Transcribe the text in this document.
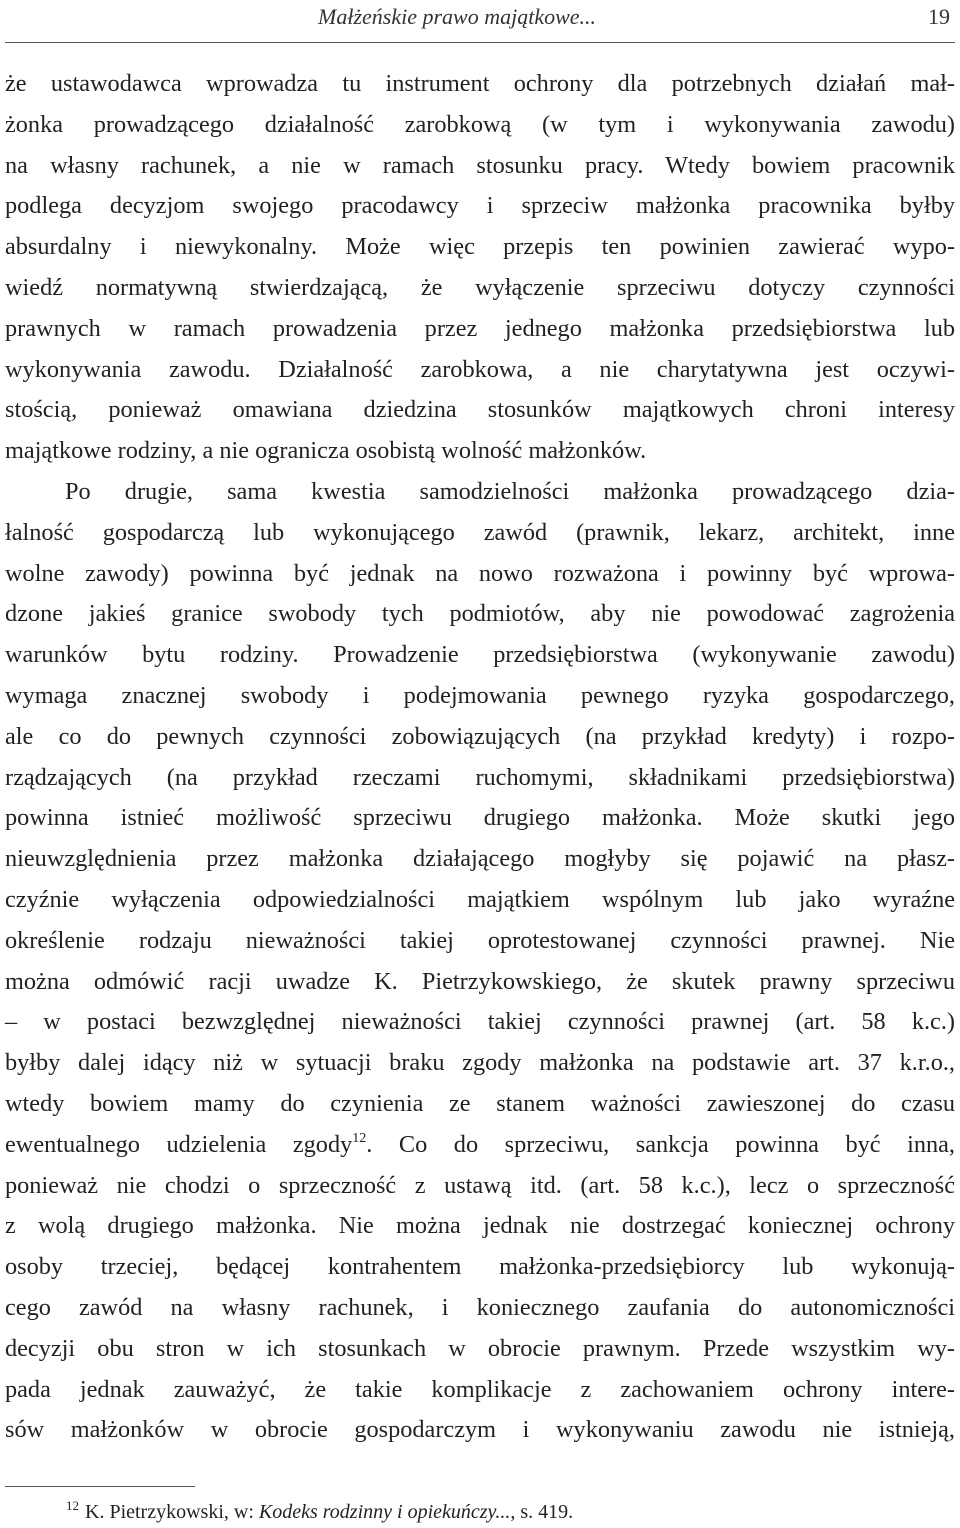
Małżeńskie prawo majątkowe...	19
że ustawodawca wprowadza tu instrument ochrony dla potrzebnych działań mał-
żonka prowadzącego działalność zarobkową (w tym i wykonywania zawodu)
na własny rachunek, a nie w ramach stosunku pracy. Wtedy bowiem pracownik
podlega decyzjom swojego pracodawcy i sprzeciw małżonka pracownika byłby
absurdalny i niewykonalny. Może więc przepis ten powinien zawierać wypo-
wiedź normatywną stwierdzającą, że wyłączenie sprzeciwu dotyczy czynności
prawnych w ramach prowadzenia przez jednego małżonka przedsiębiorstwa lub
wykonywania zawodu. Działalność zarobkowa, a nie charytatywna jest oczywi-
stością, ponieważ omawiana dziedzina stosunków majątkowych chroni interesy
majątkowe rodziny, a nie ogranicza osobistą wolność małżonków.
Po drugie, sama kwestia samodzielności małżonka prowadzącego dzia-
łalność gospodarczą lub wykonującego zawód (prawnik, lekarz, architekt, inne
wolne zawody) powinna być jednak na nowo rozważona i powinny być wprowa-
dzone jakieś granice swobody tych podmiotów, aby nie powodować zagrożenia
warunków bytu rodziny. Prowadzenie przedsiębiorstwa (wykonywanie zawodu)
wymaga znacznej swobody i podejmowania pewnego ryzyka gospodarczego,
ale co do pewnych czynności zobowiązujących (na przykład kredyty) i rozpo-
rządzających (na przykład rzeczami ruchomymi, składnikami przedsiębiorstwa)
powinna istnieć możliwość sprzeciwu drugiego małżonka. Może skutki jego
nieuwzględnienia przez małżonka działającego mogłyby się pojawić na płasz-
czyźnie wyłączenia odpowiedzialności majątkiem wspólnym lub jako wyraźne
określenie rodzaju nieważności takiej oprotestowanej czynności prawnej. Nie
można odmówić racji uwadze K. Pietrzykowskiego, że skutek prawny sprzeciwu
– w postaci bezwzględnej nieważności takiej czynności prawnej (art. 58 k.c.)
byłby dalej idący niż w sytuacji braku zgody małżonka na podstawie art. 37 k.r.o.,
wtedy bowiem mamy do czynienia ze stanem ważności zawieszonej do czasu
ewentualnego udzielenia zgody$^{12}$. Co do sprzeciwu, sankcja powinna być inna,
ponieważ nie chodzi o sprzeczność z ustawą itd. (art. 58 k.c.), lecz o sprzeczność
z wolą drugiego małżonka. Nie można jednak nie dostrzegać koniecznej ochrony
osoby trzeciej, będącej kontrahentem małżonka-przedsiębiorcy lub wykonują-
cego zawód na własny rachunek, i koniecznego zaufania do autonomiczności
decyzji obu stron w ich stosunkach w obrocie prawnym. Przede wszystkim wy-
pada jednak zauważyć, że takie komplikacje z zachowaniem ochrony intere-
sów małżonków w obrocie gospodarczym i wykonywaniu zawodu nie istnieją,
$^{12}$ K. Pietrzykowski, w: Kodeks rodzinny i opiekuńczy..., s. 419.
